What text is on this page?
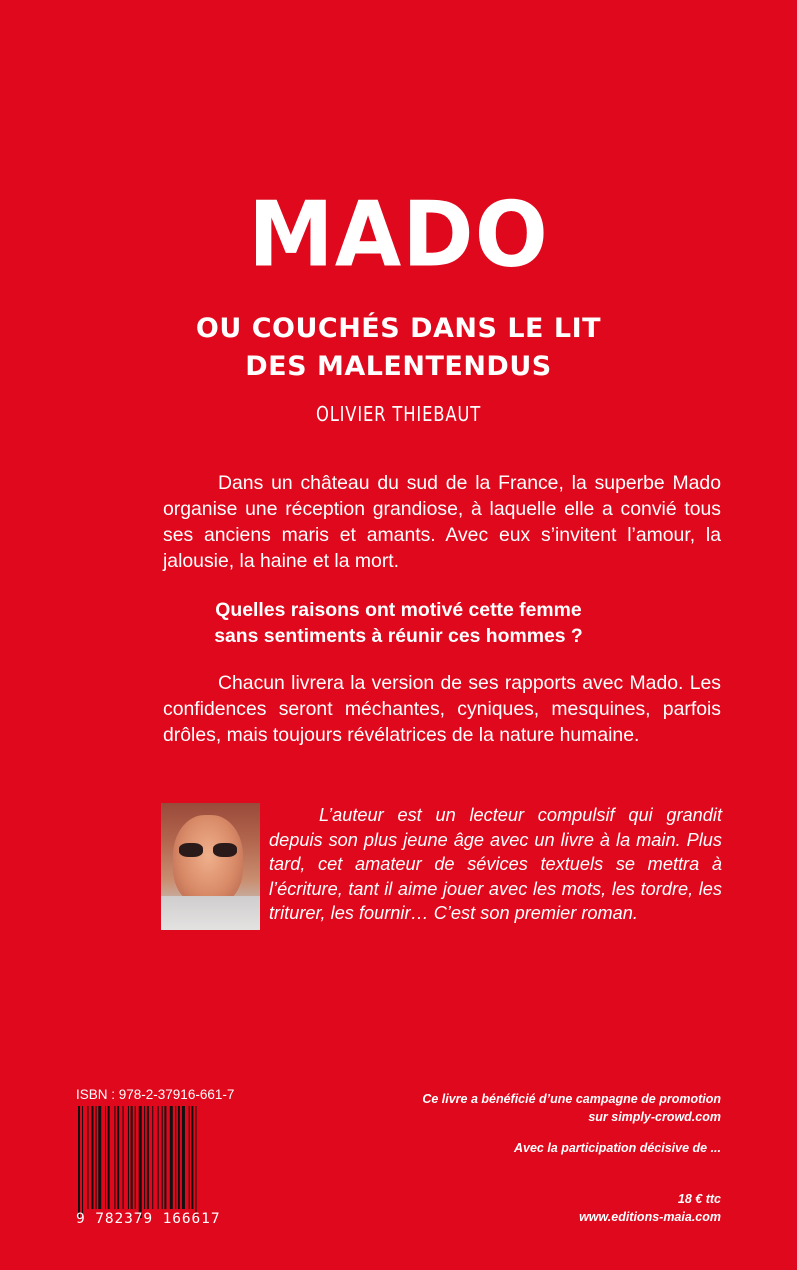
MADO
OU COUCHÉS DANS LE LIT
DES MALENTENDUS
OLIVIER THIEBAUT

Dans un château du sud de la France, la superbe Mado organise une réception grandiose, à laquelle elle a convié tous ses anciens maris et amants. Avec eux s’invitent l’amour, la jalousie, la haine et la mort.

Quelles raisons ont motivé cette femme
sans sentiments à réunir ces hommes ?

Chacun livrera la version de ses rapports avec Mado. Les confidences seront méchantes, cyniques, mesquines, parfois drôles, mais toujours révélatrices de la nature humaine.

L’auteur est un lecteur compulsif qui grandit depuis son plus jeune âge avec un livre à la main. Plus tard, cet amateur de sévices textuels se mettra à l’écriture, tant il aime jouer avec les mots, les tordre, les triturer, les fournir… C’est son premier roman.

ISBN : 978-2-37916-661-7
9 782379 166617
Ce livre a bénéficié d’une campagne de promotion
sur simply-crowd.com
Avec la participation décisive de ...
18 € ttc
www.editions-maia.com
